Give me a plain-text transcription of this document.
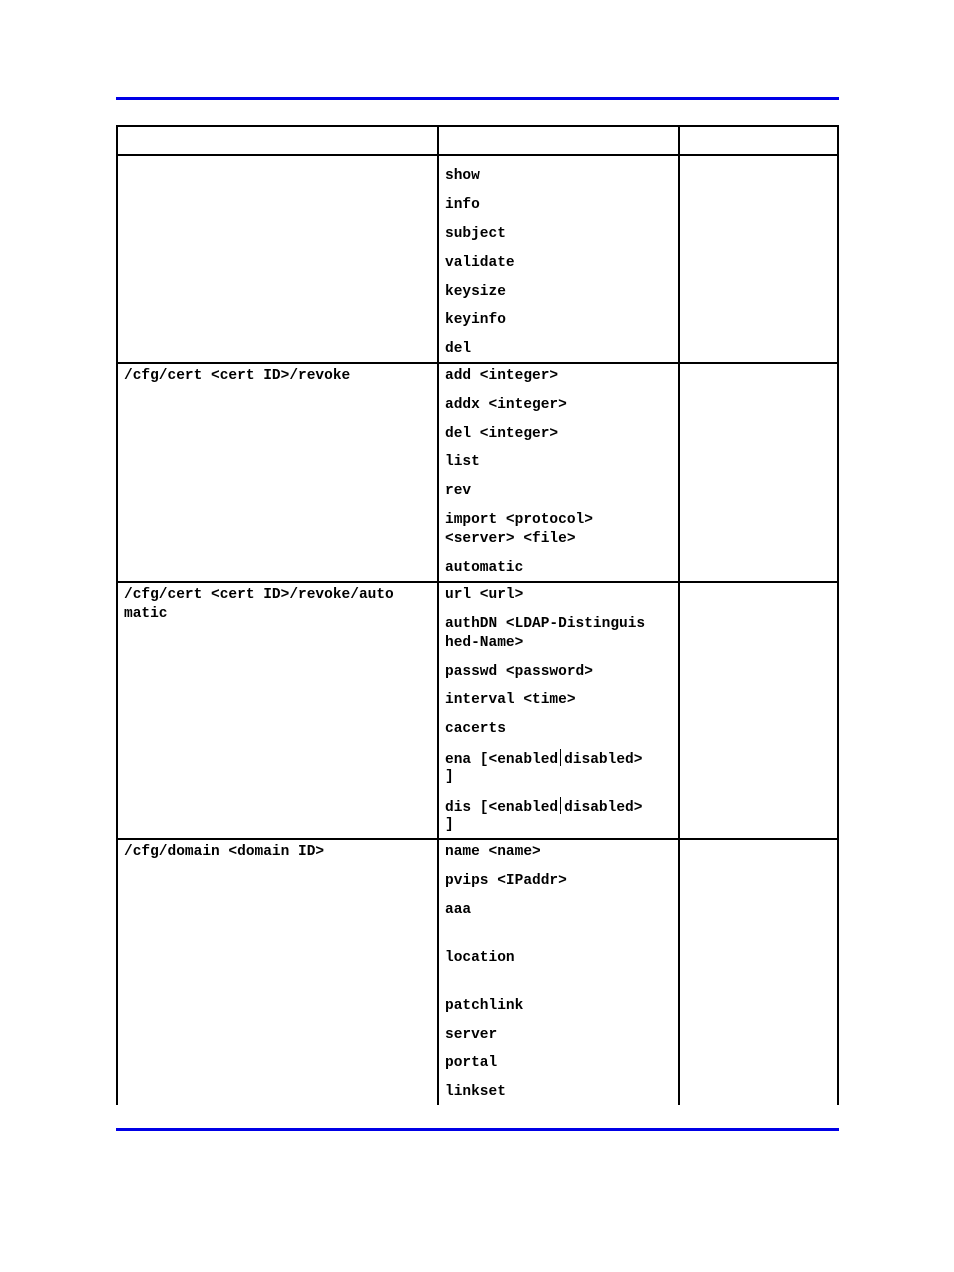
show
info
subject
validate
keysize
keyinfo
del
/cfg/cert <cert ID>/revoke	add <integer>
addx <integer>
del <integer>
list
rev
import <protocol>
<server> <file>
automatic
/cfg/cert <cert ID>/revoke/auto
matic
url <url>
authDN <LDAP-Distinguis
hed-Name>
passwd <password>
interval <time>
cacerts
ena [<enabled disabled>
]
dis [<enabled disabled>
]
/cfg/domain <domain ID>	name <name>
pvips <IPaddr>
aaa
location
patchlink
server
portal
linkset
